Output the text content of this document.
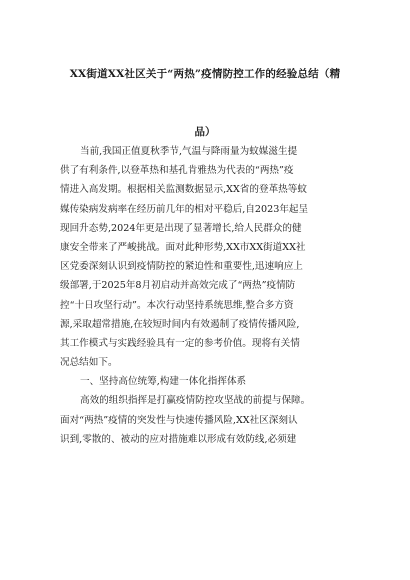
XX街道XX社区关于“两热”疫情防控工作的经验总结（精
品）
当前,我国正值夏秋季节,气温与降雨量为蚊媒滋生提
供了有利条件,以登革热和基孔肯雅热为代表的“两热”疫
情进入高发期。根据相关监测数据显示,XX省的登革热等蚊
媒传染病发病率在经历前几年的相对平稳后,自2023年起呈
现回升态势,2024年更是出现了显著增长,给人民群众的健
康安全带来了严峻挑战。面对此种形势,XX市XX街道XX社
区党委深刻认识到疫情防控的紧迫性和重要性,迅速响应上
级部署,于2025年8月初启动并高效完成了“两热”疫情防
控“十日攻坚行动”。本次行动坚持系统思维,整合多方资
源,采取超常措施,在较短时间内有效遏制了疫情传播风险,
其工作模式与实践经验具有一定的参考价值。现将有关情
况总结如下。
一、坚持高位统筹,构建一体化指挥体系
高效的组织指挥是打赢疫情防控攻坚战的前提与保障。
面对“两热”疫情的突发性与快速传播风险,XX社区深刻认
识到,零散的、被动的应对措施难以形成有效防线,必须建
